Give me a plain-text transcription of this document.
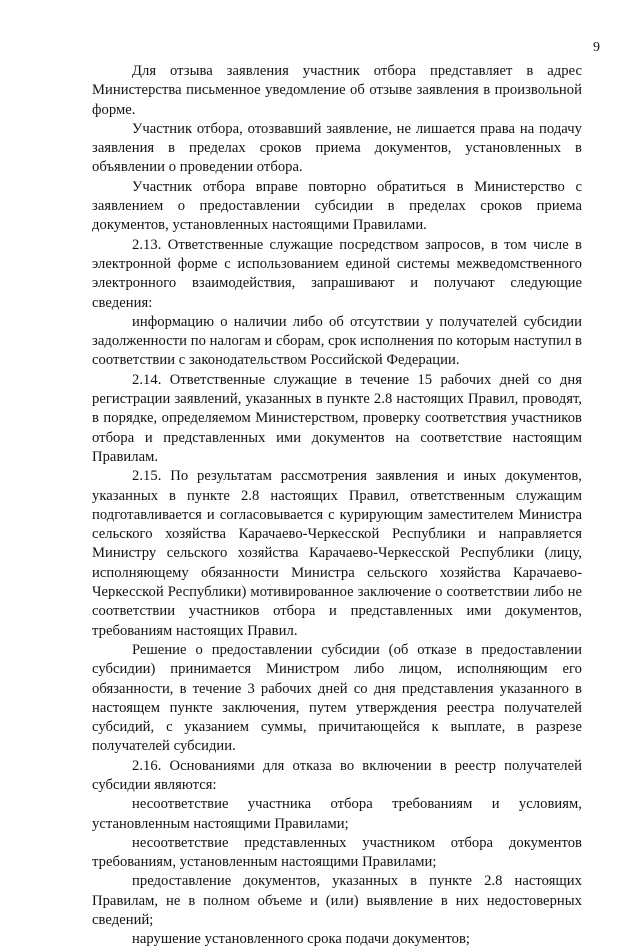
9

Для отзыва заявления участник отбора представляет в адрес Министерства письменное уведомление об отзыве заявления в произвольной форме.

Участник отбора, отозвавший заявление, не лишается права на подачу заявления в пределах сроков приема документов, установленных в объявлении о проведении отбора.

Участник отбора вправе повторно обратиться в Министерство с заявлением о предоставлении субсидии в пределах сроков приема документов, установленных настоящими Правилами.

2.13. Ответственные служащие посредством запросов, в том числе в электронной форме с использованием единой системы межведомственного электронного взаимодействия, запрашивают и получают следующие сведения:

информацию о наличии либо об отсутствии у получателей субсидии задолженности по налогам и сборам, срок исполнения по которым наступил в соответствии с законодательством Российской Федерации.

2.14. Ответственные служащие в течение 15 рабочих дней со дня регистрации заявлений, указанных в пункте 2.8 настоящих Правил, проводят, в порядке, определяемом Министерством, проверку соответствия участников отбора и представленных ими документов на соответствие настоящим Правилам.

2.15. По результатам рассмотрения заявления и иных документов, указанных в пункте 2.8 настоящих Правил, ответственным служащим подготавливается и согласовывается с курирующим заместителем Министра сельского хозяйства Карачаево-Черкесской Республики и направляется Министру сельского хозяйства Карачаево-Черкесской Республики (лицу, исполняющему обязанности Министра сельского хозяйства Карачаево-Черкесской Республики) мотивированное заключение о соответствии либо не соответствии участников отбора и представленных ими документов, требованиям настоящих Правил.

Решение о предоставлении субсидии (об отказе в предоставлении субсидии) принимается Министром либо лицом, исполняющим его обязанности, в течение 3 рабочих дней со дня представления указанного в настоящем пункте заключения, путем утверждения реестра получателей субсидий, с указанием суммы, причитающейся к выплате, в разрезе получателей субсидии.

2.16. Основаниями для отказа во включении в реестр получателей субсидии являются:

несоответствие участника отбора требованиям и условиям, установленным настоящими Правилами;

несоответствие представленных участником отбора документов требованиям, установленным настоящими Правилами;

предоставление документов, указанных в пункте 2.8 настоящих Правилам, не в полном объеме и (или) выявление в них недостоверных сведений;

нарушение установленного срока подачи документов;
